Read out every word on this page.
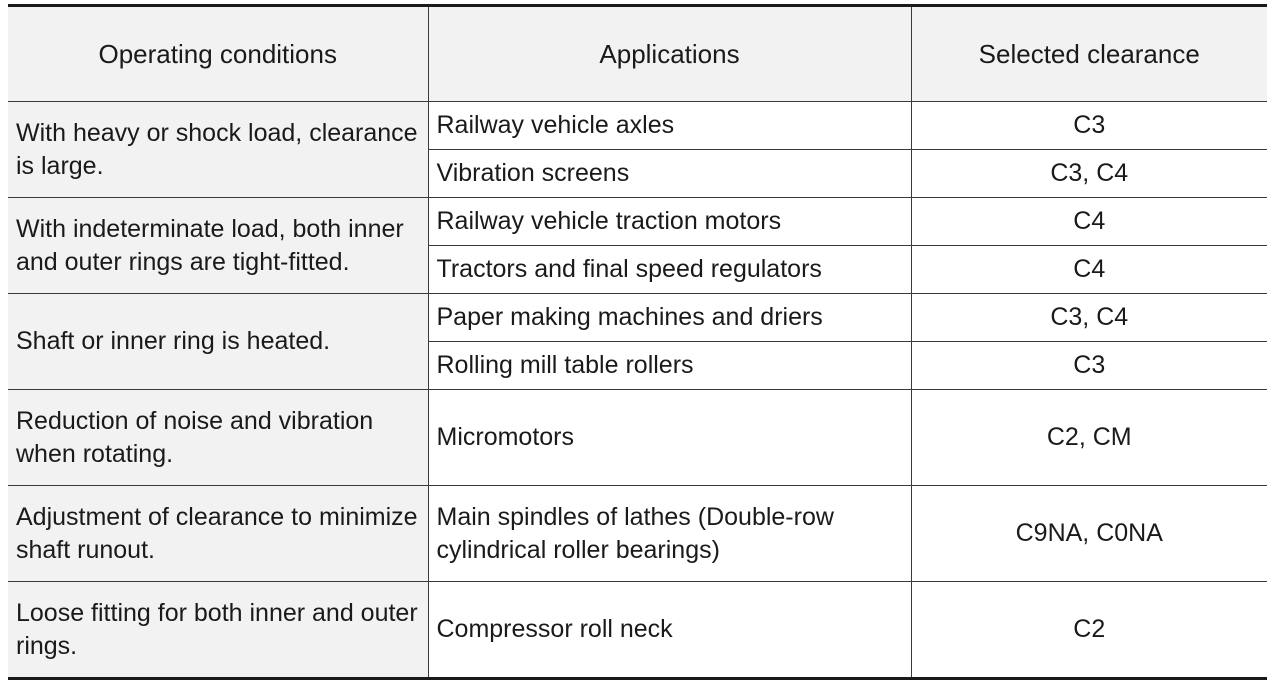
Operating conditions	Applications	Selected clearance
With heavy or shock load, clearance is large.	Railway vehicle axles	C3
	Vibration screens	C3, C4
With indeterminate load, both inner and outer rings are tight-fitted.	Railway vehicle traction motors	C4
	Tractors and final speed regulators	C4
Shaft or inner ring is heated.	Paper making machines and driers	C3, C4
	Rolling mill table rollers	C3
Reduction of noise and vibration when rotating.	Micromotors	C2, CM
Adjustment of clearance to minimize shaft runout.	Main spindles of lathes (Double-row cylindrical roller bearings)	C9NA, C0NA
Loose fitting for both inner and outer rings.	Compressor roll neck	C2
